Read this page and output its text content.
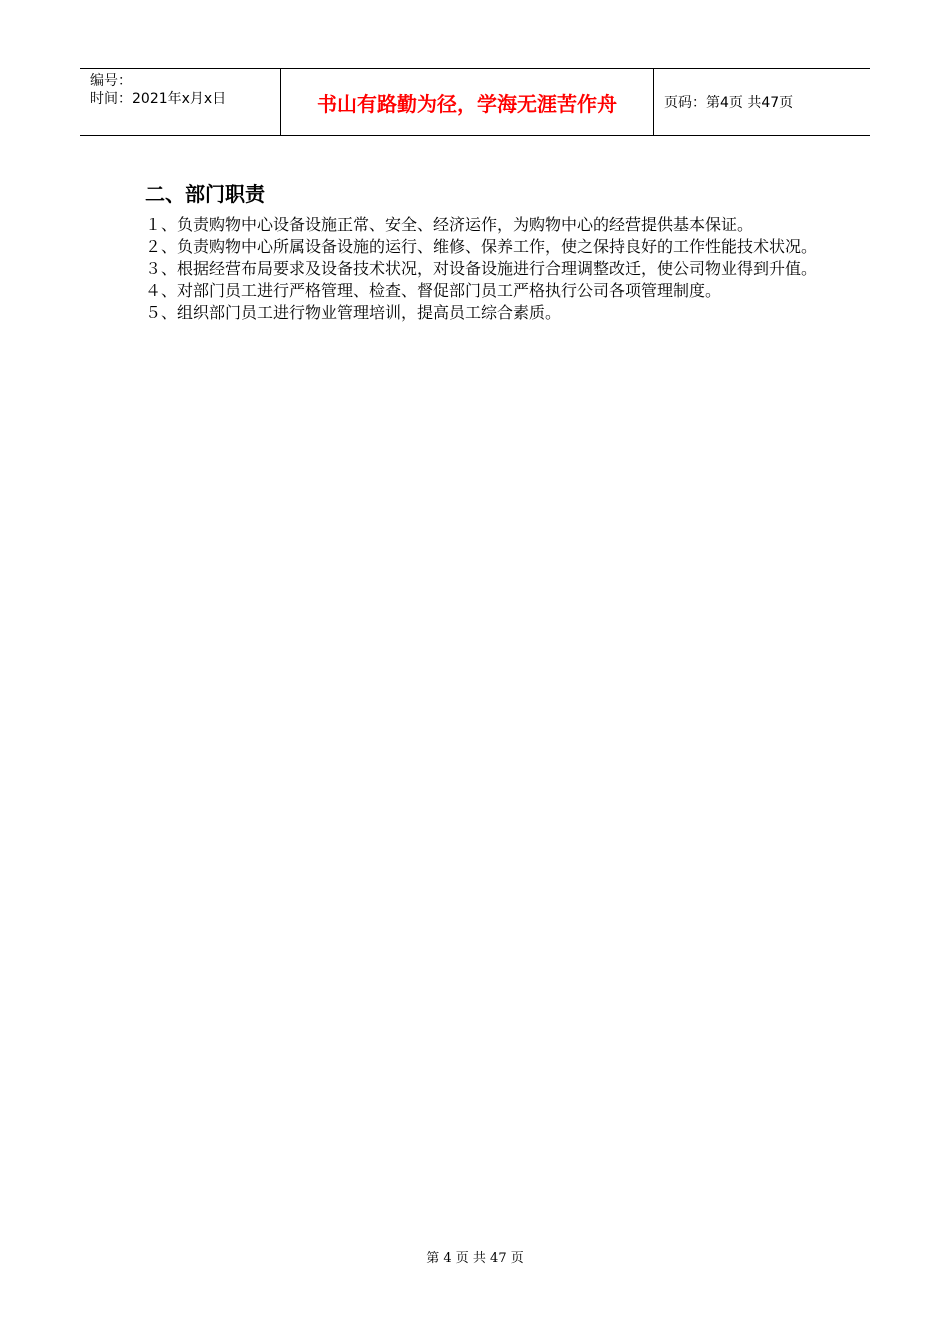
编号：
时间：2021年x月x日	书山有路勤为径，学海无涯苦作舟	页码：第4页 共47页
二、部门职责
１、负责购物中心设备设施正常、安全、经济运作，为购物中心的经营提供基本保证。
２、负责购物中心所属设备设施的运行、维修、保养工作，使之保持良好的工作性能技术状况。
３、根据经营布局要求及设备技术状况，对设备设施进行合理调整改迁，使公司物业得到升值。
４、对部门员工进行严格管理、检查、督促部门员工严格执行公司各项管理制度。
５、组织部门员工进行物业管理培训，提高员工综合素质。
第 4 页 共 47 页
